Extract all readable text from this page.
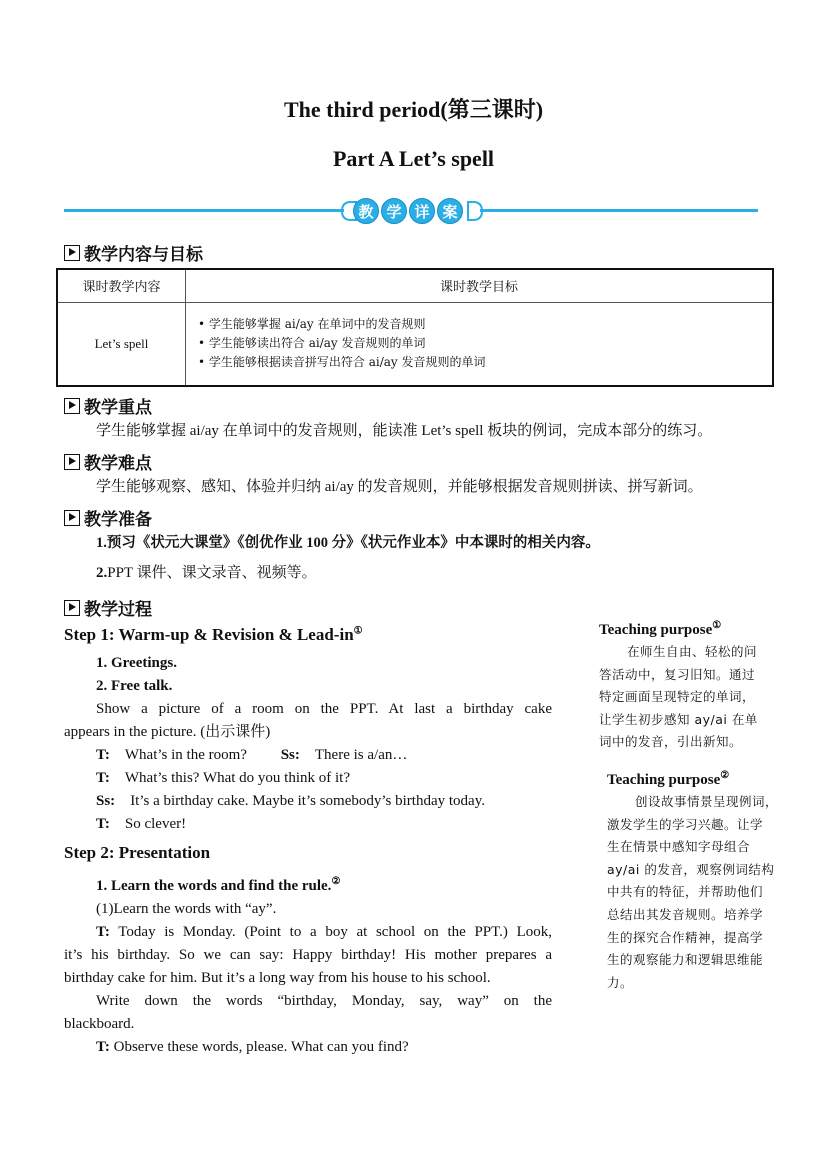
The third period(第三课时)
Part A Let’s spell
教 学 详 案
教学内容与目标
课时教学内容	课时教学目标
Let’s spell	• 学生能够掌握 ai/ay 在单词中的发音规则
• 学生能够读出符合 ai/ay 发音规则的单词
• 学生能够根据读音拼写出符合 ai/ay 发音规则的单词
教学重点
学生能够掌握 ai/ay 在单词中的发音规则，能读准 Let’s spell 板块的例词，完成本部分的练习。
教学难点
学生能够观察、感知、体验并归纳 ai/ay 的发音规则，并能够根据发音规则拼读、拼写新词。
教学准备
1.预习《状元大课堂》《创优作业 100 分》《状元作业本》中本课时的相关内容。
2.PPT 课件、课文录音、视频等。
教学过程
Step 1: Warm-up & Revision & Lead-in①
1. Greetings.
2. Free talk.
Show a picture of a room on the PPT. At last a birthday cake
appears in the picture. (出示课件)
T: What’s in the room? Ss: There is a/an…
T: What’s this? What do you think of it?
Ss: It’s a birthday cake. Maybe it’s somebody’s birthday today.
T: So clever!
Step 2: Presentation
1. Learn the words and find the rule.②
(1)Learn the words with “ay”.
T: Today is Monday. (Point to a boy at school on the PPT.) Look,
it’s his birthday. So we can say: Happy birthday! His mother prepares a
birthday cake for him. But it’s a long way from his house to his school.
Write down the words “birthday, Monday, say, way” on the
blackboard.
T: Observe these words, please. What can you find?
Teaching purpose①
在师生自由、轻松的问
答活动中，复习旧知。通过
特定画面呈现特定的单词，
让学生初步感知 ay/ai 在单
词中的发音，引出新知。
Teaching purpose②
创设故事情景呈现例词，
激发学生的学习兴趣。让学
生在情景中感知字母组合
ay/ai 的发音，观察例词结构
中共有的特征，并帮助他们
总结出其发音规则。培养学
生的探究合作精神，提高学
生的观察能力和逻辑思维能
力。
